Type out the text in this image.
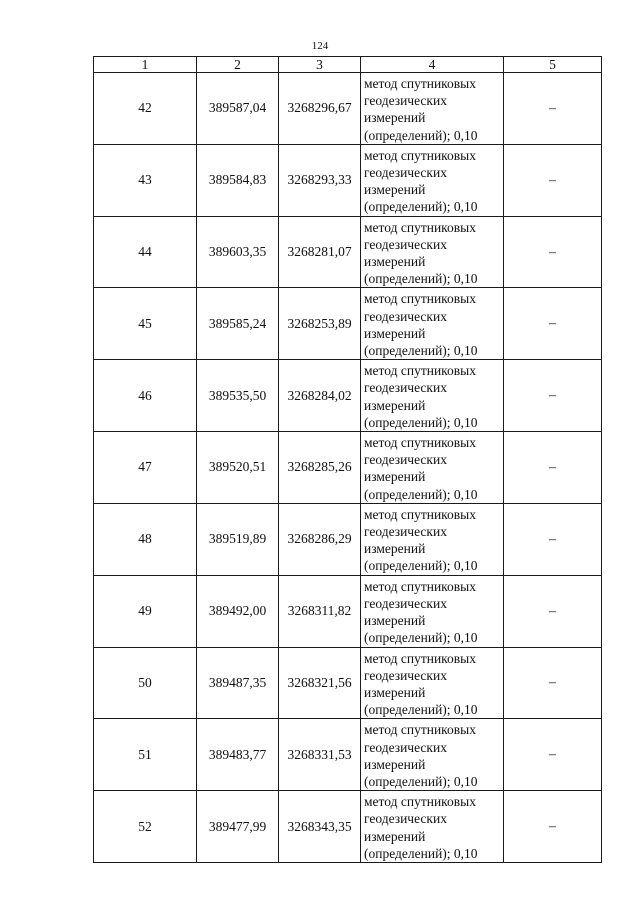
124
1	2	3	4	5
42	389587,04	3268296,67	метод спутниковых
геодезических
измерений
(определений); 0,10	–
43	389584,83	3268293,33	метод спутниковых
геодезических
измерений
(определений); 0,10	–
44	389603,35	3268281,07	метод спутниковых
геодезических
измерений
(определений); 0,10	–
45	389585,24	3268253,89	метод спутниковых
геодезических
измерений
(определений); 0,10	–
46	389535,50	3268284,02	метод спутниковых
геодезических
измерений
(определений); 0,10	–
47	389520,51	3268285,26	метод спутниковых
геодезических
измерений
(определений); 0,10	–
48	389519,89	3268286,29	метод спутниковых
геодезических
измерений
(определений); 0,10	–
49	389492,00	3268311,82	метод спутниковых
геодезических
измерений
(определений); 0,10	–
50	389487,35	3268321,56	метод спутниковых
геодезических
измерений
(определений); 0,10	–
51	389483,77	3268331,53	метод спутниковых
геодезических
измерений
(определений); 0,10	–
52	389477,99	3268343,35	метод спутниковых
геодезических
измерений
(определений); 0,10	–
